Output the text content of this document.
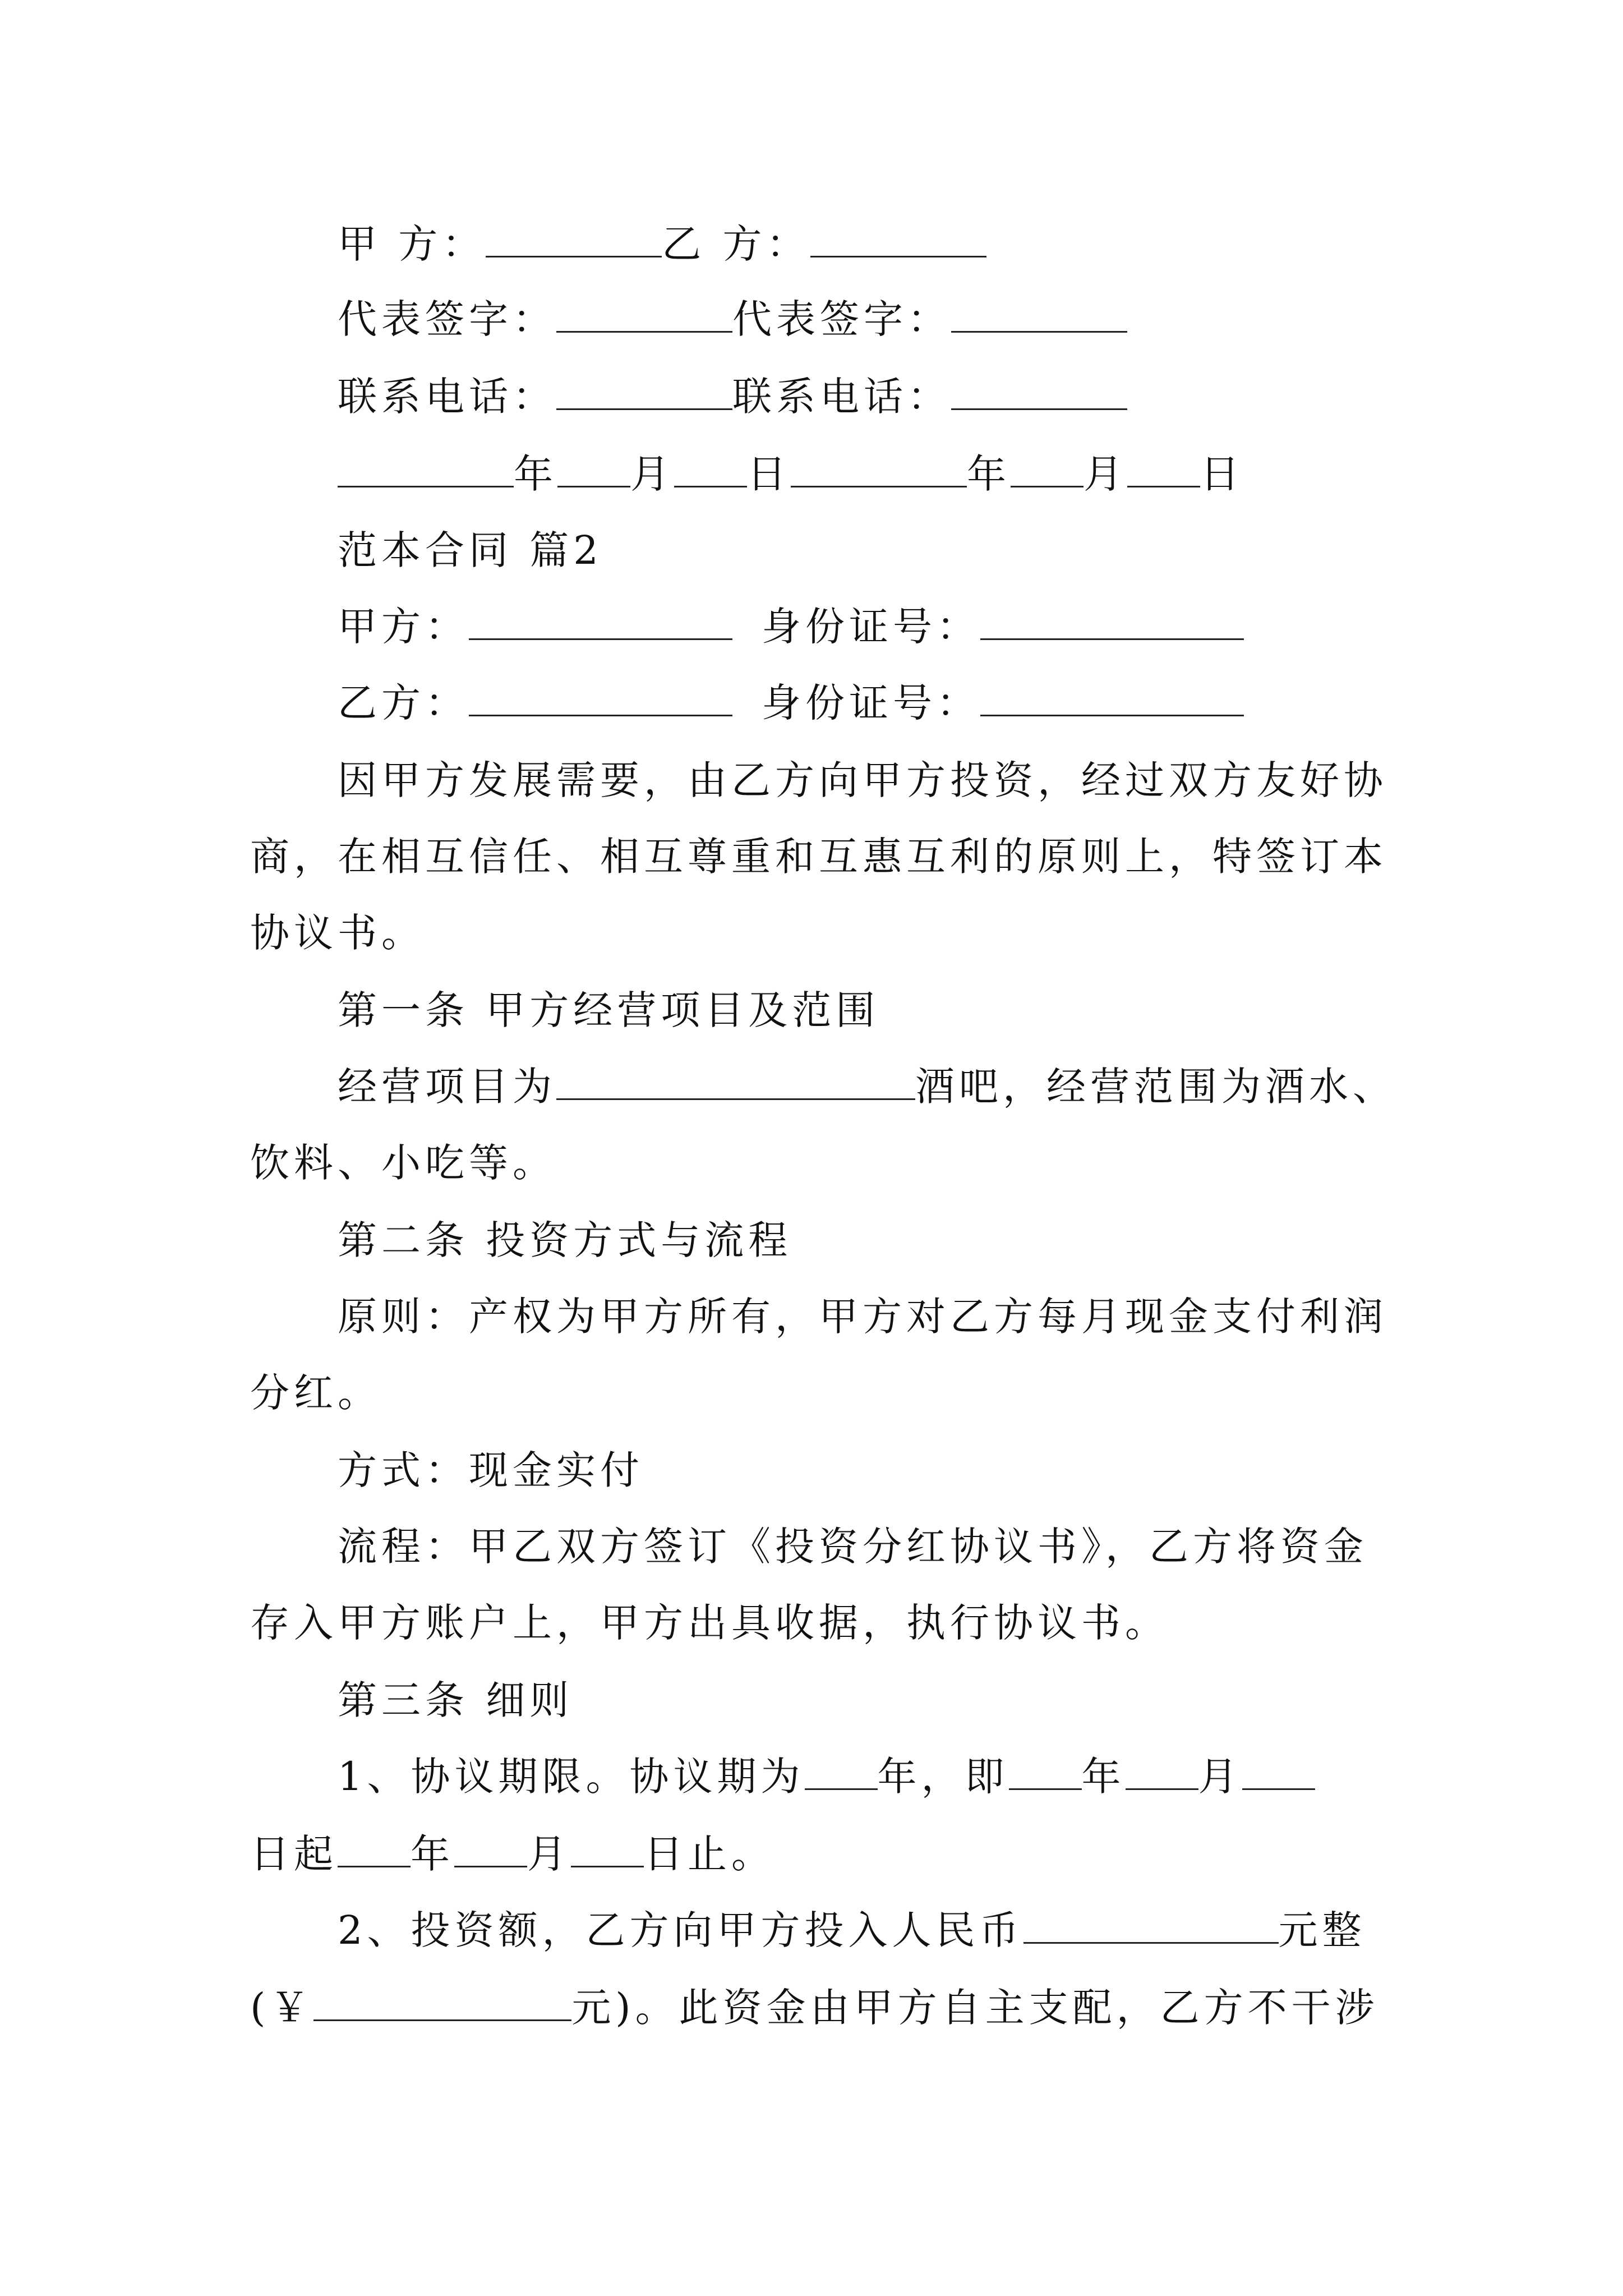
甲 方：	乙 方：
代表签字：	代表签字：
联系电话：	联系电话：
年 月 日	年 月 日
范本合同 篇2
甲方：	身份证号：
乙方：	身份证号：
因甲方发展需要，由乙方向甲方投资，经过双方友好协
商，在相互信任、相互尊重和互惠互利的原则上，特签订本
协议书。
第一条 甲方经营项目及范围
经营项目为	酒吧，经营范围为酒水、
饮料、小吃等。
第二条 投资方式与流程
原则：产权为甲方所有，甲方对乙方每月现金支付利润
分红。
方式：现金实付
流程：甲乙双方签订《投资分红协议书》，乙方将资金
存入甲方账户上，甲方出具收据，执行协议书。
第三条 细则
1、协议期限。协议期为 年，即 年 月
日起 年 月 日止。
2、投资额，乙方向甲方投入人民币	元整
(￥	元)。此资金由甲方自主支配，乙方不干涉
